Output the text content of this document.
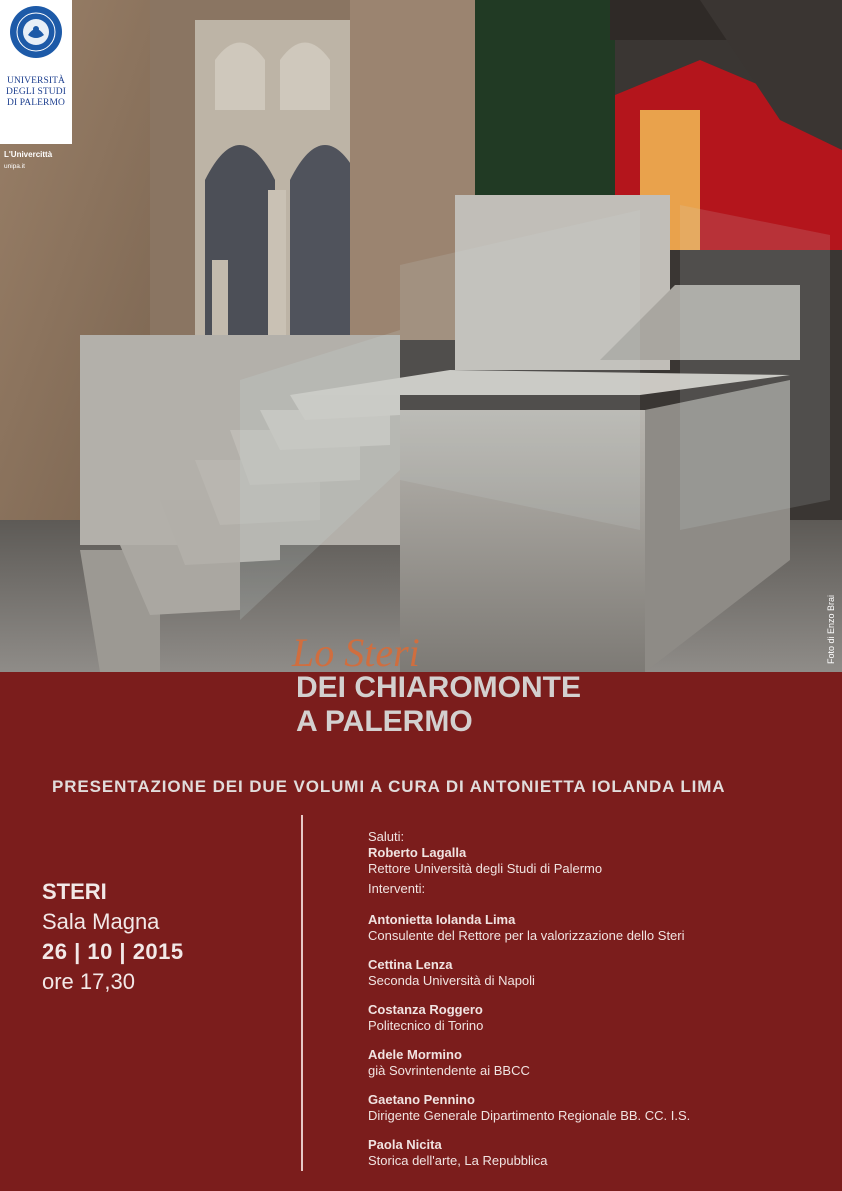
Foto di Enzo Brai
UNIVERSITÀ
DEGLI STUDI
DI PALERMO
L'Univercittà
unipa.it
Lo Steri
DEI CHIAROMONTE
A PALERMO
PRESENTAZIONE DEI DUE VOLUMI A CURA DI ANTONIETTA IOLANDA LIMA
STERI
Sala Magna
26 | 10 | 2015
ore 17,30
Saluti:
Roberto Lagalla
Rettore Università degli Studi di Palermo
Interventi:
Antonietta Iolanda Lima
Consulente del Rettore per la valorizzazione dello Steri
Cettina Lenza
Seconda Università di Napoli
Costanza Roggero
Politecnico di Torino
Adele Mormino
già Sovrintendente ai BBCC
Gaetano Pennino
Dirigente Generale Dipartimento Regionale BB. CC. I.S.
Paola Nicita
Storica dell'arte, La Repubblica
